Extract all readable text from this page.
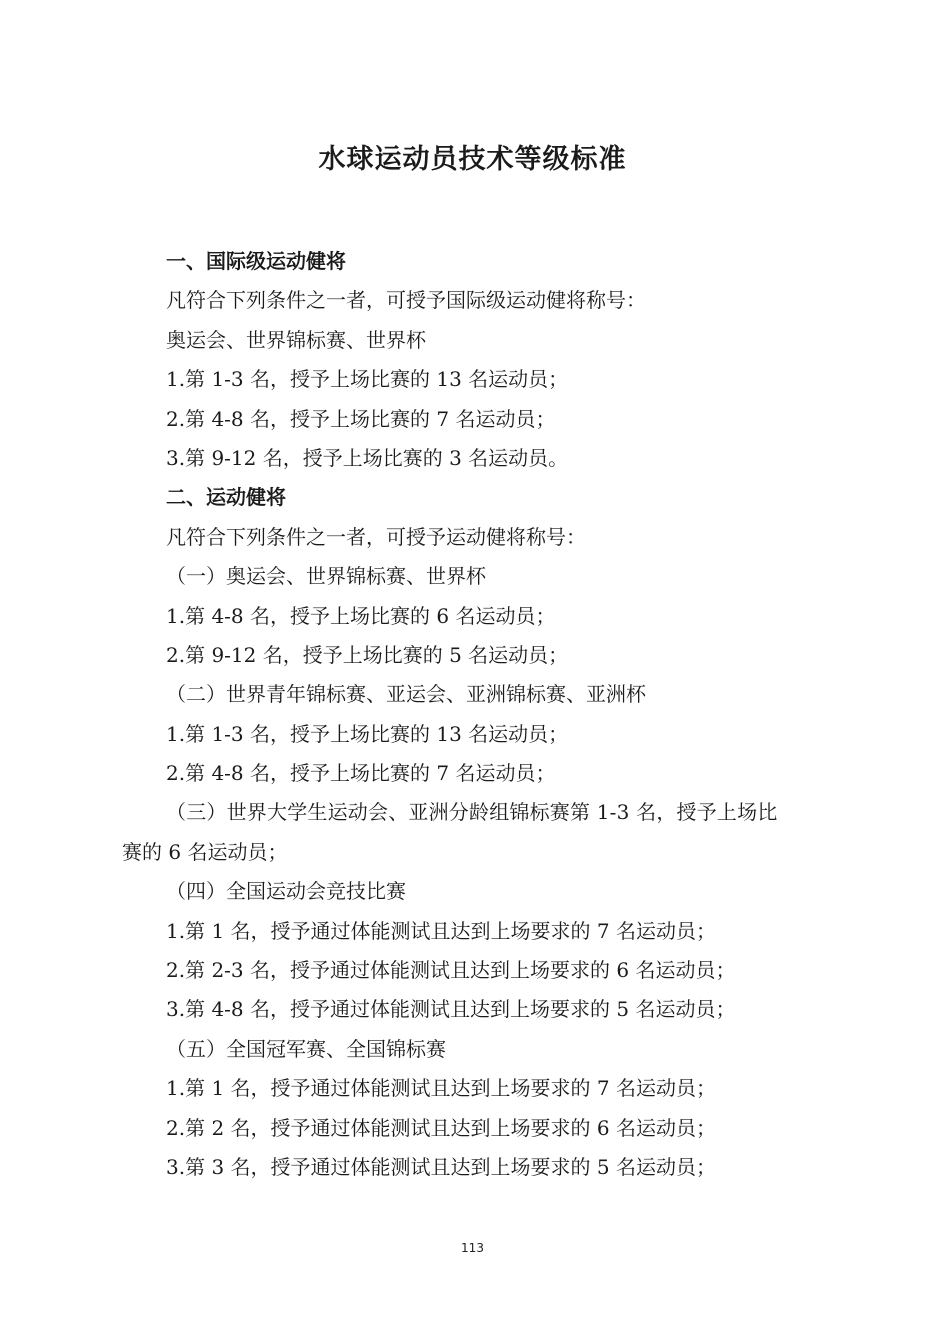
水球运动员技术等级标准
一、国际级运动健将
凡符合下列条件之一者，可授予国际级运动健将称号：
奥运会、世界锦标赛、世界杯
1.第 1-3 名，授予上场比赛的 13 名运动员；
2.第 4-8 名，授予上场比赛的 7 名运动员；
3.第 9-12 名，授予上场比赛的 3 名运动员。
二、运动健将
凡符合下列条件之一者，可授予运动健将称号：
（一）奥运会、世界锦标赛、世界杯
1.第 4-8 名，授予上场比赛的 6 名运动员；
2.第 9-12 名，授予上场比赛的 5 名运动员；
（二）世界青年锦标赛、亚运会、亚洲锦标赛、亚洲杯
1.第 1-3 名，授予上场比赛的 13 名运动员；
2.第 4-8 名，授予上场比赛的 7 名运动员；
（三）世界大学生运动会、亚洲分龄组锦标赛第 1-3 名，授予上场比
赛的 6 名运动员；
（四）全国运动会竞技比赛
1.第 1 名，授予通过体能测试且达到上场要求的 7 名运动员；
2.第 2-3 名，授予通过体能测试且达到上场要求的 6 名运动员；
3.第 4-8 名，授予通过体能测试且达到上场要求的 5 名运动员；
（五）全国冠军赛、全国锦标赛
1.第 1 名，授予通过体能测试且达到上场要求的 7 名运动员；
2.第 2 名，授予通过体能测试且达到上场要求的 6 名运动员；
3.第 3 名，授予通过体能测试且达到上场要求的 5 名运动员；
113
